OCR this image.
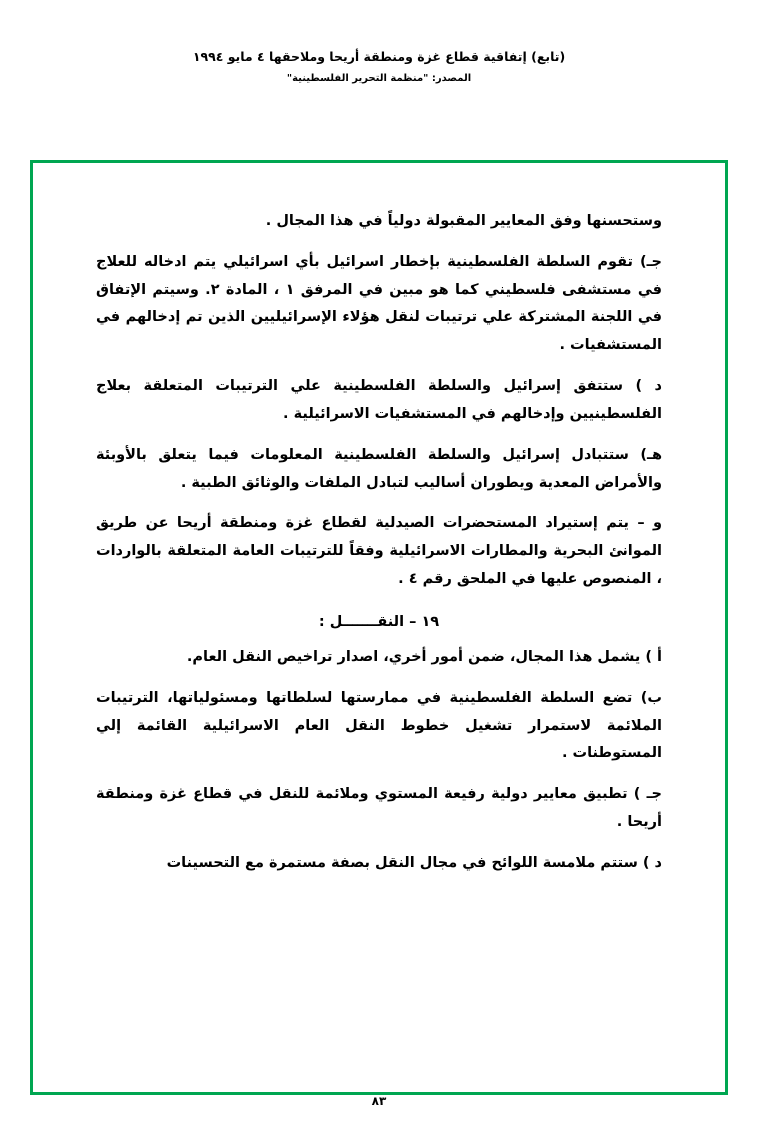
(تابع) إتفاقية قطاع غزة ومنطقة أريحا وملاحقها ٤ مايو ١٩٩٤
المصدر: "منظمة التحرير الفلسطينية"

وستحسنها وفق المعايير المقبولة دولياً في هذا المجال .

جـ) تقوم السلطة الفلسطينية بإخطار اسرائيل بأي اسرائيلي يتم ادخاله للعلاج في مستشفى فلسطيني كما هو مبين في المرفق ١ ، المادة ٢. وسيتم الإتفاق في اللجنة المشتركة علي ترتيبات لنقل هؤلاء الإسرائيليين الذين تم إدخالهم في المستشفيات .

د ) ستتفق إسرائيل والسلطة الفلسطينية علي الترتيبات المتعلقة بعلاج الفلسطينيين وإدخالهم في المستشفيات الاسرائيلية .

هـ) ستتبادل إسرائيل والسلطة الفلسطينية المعلومات فيما يتعلق بالأوبئة والأمراض المعدية ويطوران أساليب لتبادل الملفات والوثائق الطبية .

و – يتم إستيراد المستحضرات الصيدلية لقطاع غزة ومنطقة أريحا عن طريق الموانئ البحرية والمطارات الاسرائيلية وفقاً للترتيبات العامة المتعلقة بالواردات ، المنصوص عليها في الملحق رقم ٤ .

١٩ – النقـــــــل :

أ ) يشمل هذا المجال، ضمن أمور أخري، اصدار تراخيص النقل العام.

ب) تضع السلطة الفلسطينية في ممارستها لسلطاتها ومسئولياتها، الترتيبات الملائمة لاستمرار تشغيل خطوط النقل العام الاسرائيلية القائمة إلي المستوطنات .

جـ ) تطبيق معايير دولية رفيعة المستوي وملائمة للنقل في قطاع غزة ومنطقة أريحا .

د ) ستتم ملامسة اللوائح في مجال النقل بصفة مستمرة مع التحسينات

٨٣
